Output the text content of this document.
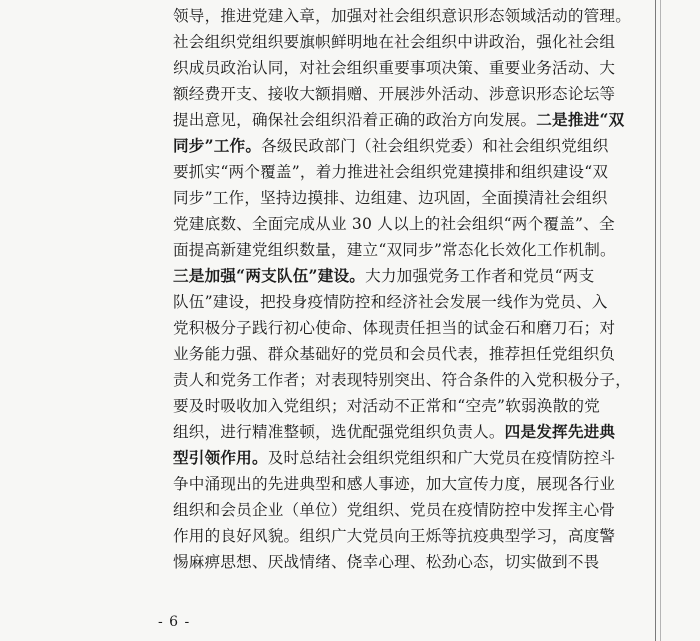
领导，推进党建入章，加强对社会组织意识形态领域活动的管理。
社会组织党组织要旗帜鲜明地在社会组织中讲政治，强化社会组
织成员政治认同，对社会组织重要事项决策、重要业务活动、大
额经费开支、接收大额捐赠、开展涉外活动、涉意识形态论坛等
提出意见，确保社会组织沿着正确的政治方向发展。二是推进“双
同步”工作。各级民政部门（社会组织党委）和社会组织党组织
要抓实“两个覆盖”，着力推进社会组织党建摸排和组织建设“双
同步”工作，坚持边摸排、边组建、边巩固，全面摸清社会组织
党建底数、全面完成从业 30 人以上的社会组织“两个覆盖”、全
面提高新建党组织数量，建立“双同步”常态化长效化工作机制。
三是加强“两支队伍”建设。大力加强党务工作者和党员“两支
队伍”建设，把投身疫情防控和经济社会发展一线作为党员、入
党积极分子践行初心使命、体现责任担当的试金石和磨刀石；对
业务能力强、群众基础好的党员和会员代表，推荐担任党组织负
责人和党务工作者；对表现特别突出、符合条件的入党积极分子，
要及时吸收加入党组织；对活动不正常和“空壳”软弱涣散的党
组织，进行精准整顿，选优配强党组织负责人。四是发挥先进典
型引领作用。及时总结社会组织党组织和广大党员在疫情防控斗
争中涌现出的先进典型和感人事迹，加大宣传力度，展现各行业
组织和会员企业（单位）党组织、党员在疫情防控中发挥主心骨
作用的良好风貌。组织广大党员向王烁等抗疫典型学习，高度警
惕麻痹思想、厌战情绪、侥幸心理、松劲心态，切实做到不畏
- 6 -
